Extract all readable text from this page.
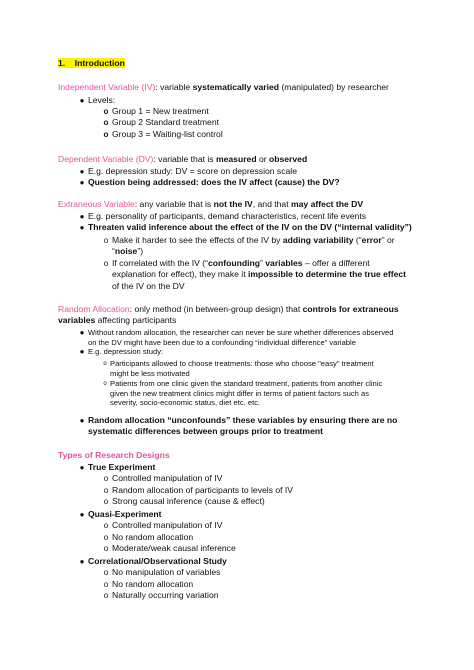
1. Introduction
Independent Variable (IV): variable systematically varied (manipulated) by researcher
● Levels:
o Group 1 = New treatment
o Group 2 Standard treatment
o Group 3 = Waiting-list control
Dependent Variable (DV): variable that is measured or observed
● E.g. depression study: DV = score on depression scale
● Question being addressed: does the IV affect (cause) the DV?
Extraneous Variable: any variable that is not the IV, and that may affect the DV
● E.g. personality of participants, demand characteristics, recent life events
● Threaten valid inference about the effect of the IV on the DV (“internal validity”)
o Make it harder to see the effects of the IV by adding variability (“error” or
“noise”)
o If correlated with the IV (“confounding” variables – offer a different
explanation for effect), they make it impossible to determine the true effect
of the IV on the DV
Random Allocation: only method (in between-group design) that controls for extraneous
variables affecting participants
● Without random allocation, the researcher can never be sure whether differences observed
on the DV might have been due to a confounding “individual difference” variable
● E.g. depression study:
o Participants allowed to choose treatments: those who choose "easy" treatment
might be less motivated
o Patients from one clinic given the standard treatment, patients from another clinic
given the new treatment clinics might differ in terms of patient factors such as
severity, socio-economic status, diet etc. etc.
● Random allocation “unconfounds” these variables by ensuring there are no
systematic differences between groups prior to treatment
Types of Research Designs
● True Experiment
o Controlled manipulation of IV
o Random allocation of participants to levels of IV
o Strong causal inference (cause & effect)
● Quasi-Experiment
o Controlled manipulation of IV
o No random allocation
o Moderate/weak causal inference
● Correlational/Observational Study
o No manipulation of variables
o No random allocation
o Naturally occurring variation
